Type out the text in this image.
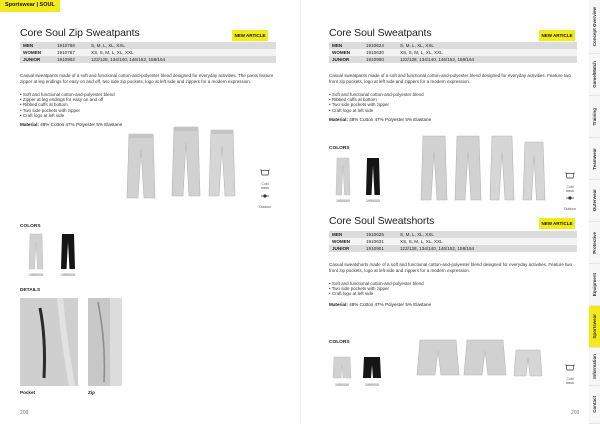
Sportswear | SOUL
Core Soul Zip Sweatpants	NEW ARTICLE
MEN	1910766	S, M, L, XL, XXL
WOMEN	1910767	XS, S, M, L, XL, XXL
JUNIOR	1910902	122/128, 134/140, 146/152, 158/164

Casual sweatpants made of a soft and functional cotton-and-polyester blend designed for everyday activities. The pants feature zipper at leg endings for easy on and off, two side zip pockets, logo at left side and zippers for a modern expression.

• Soft and functional cotton-and-polyester blend
• Zipper at leg endings for easy on and off
• Ribbed cuffs at bottom
• Two side pockets with zipper
• Craft logo at left side
Material: 48% Cotton 47% Polyester 5% Elastane
Cold wash
Outdoor
COLORS
1950000	1999000
DETAILS
Pocket	Zip
208
Core Soul Sweatpants	NEW ARTICLE
MEN	1910624	S, M, L, XL, XXL
WOMEN	1910630	XS, S, M, L, XL, XXL
JUNIOR	1910900	122/128, 134/140, 146/152, 158/164

Casual sweatpants made of a soft and functional cotton-and-polyester blend designed for everyday activities. Feature two front zip pockets, logo at left side and zippers for a modern expression.

• Soft and functional cotton-and-polyester blend
• Ribbed cuffs at bottom
• Two side pockets with zipper
• Craft logo at left side
Material: 48% Cotton 47% Polyester 5% Elastane
COLORS
1950000	1999000
Cold wash
Outdoor
Core Soul Sweatshorts	NEW ARTICLE
MEN	1910625	S, M, L, XL, XXL
WOMEN	1910631	XS, S, M, L, XL, XXL
JUNIOR	1910901	122/128, 134/140, 146/152, 158/164

Casual sweatshorts made of a soft and functional cotton-and-polyester blend designed for everyday activities. Feature two front zip pockets, logo at left side and zippers for a modern expression.

• Soft and functional cotton-and-polyester blend
• Two side pockets with zipper
• Craft logo at left side
Material: 48% Cotton 47% Polyester 5% Elastane
COLORS
1950000	1999000
Cold wash
209
Concept Overview
Game/Match
Training
Teamwear
Outerwear
Protective
Equipment
Sportswear
Information
Contact
